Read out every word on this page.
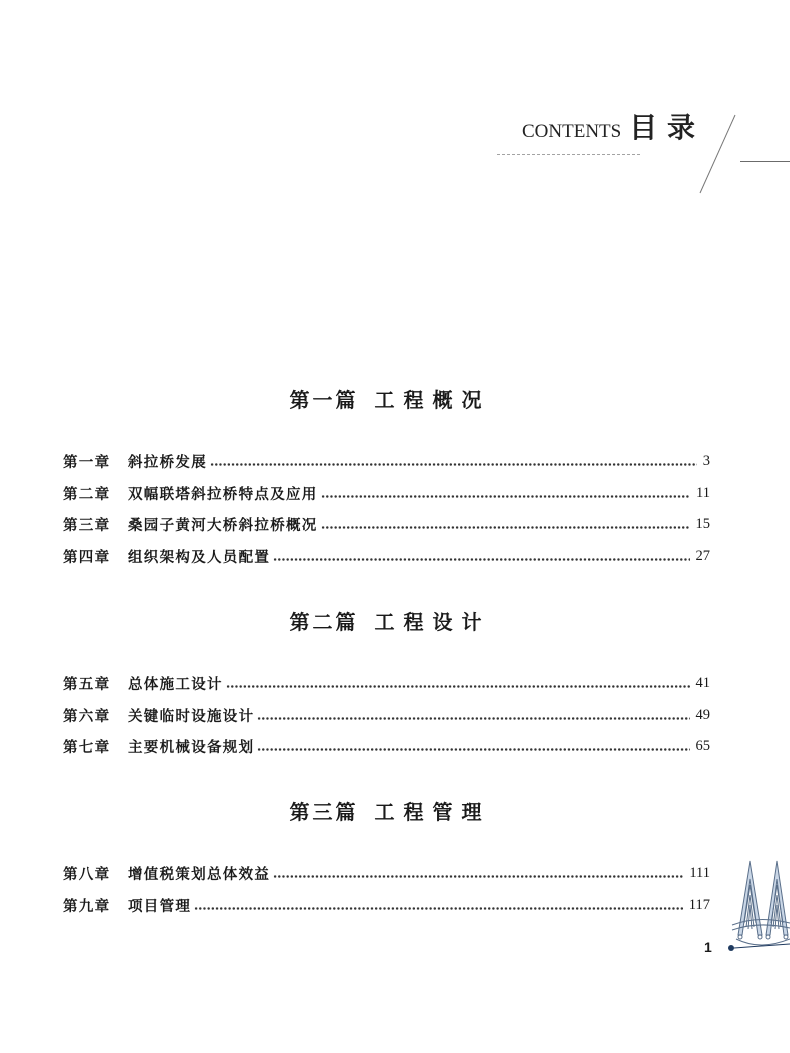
CONTENTS 目 录
第一篇 工 程 概 况
第一章	斜拉桥发展	3
第二章	双幅联塔斜拉桥特点及应用	11
第三章	桑园子黄河大桥斜拉桥概况	15
第四章	组织架构及人员配置	27
第二篇 工 程 设 计
第五章	总体施工设计	41
第六章	关键临时设施设计	49
第七章	主要机械设备规划	65
第三篇 工 程 管 理
第八章	增值税策划总体效益	111
第九章	项目管理	117
1
